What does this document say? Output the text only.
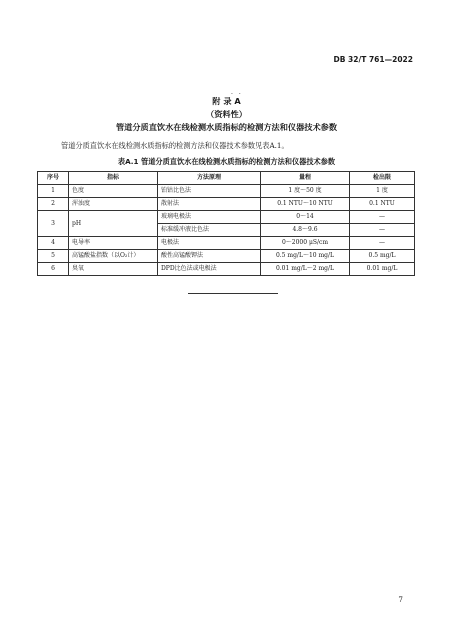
DB 32/T 761—2022
. .
附 录 A
（资料性）
管道分质直饮水在线检测水质指标的检测方法和仪器技术参数
管道分质直饮水在线检测水质指标的检测方法和仪器技术参数见表A.1。
表A.1 管道分质直饮水在线检测水质指标的检测方法和仪器技术参数
序号	指标	方法原理	量程	检出限
1	色度	铂钴比色法	1 度～50 度	1 度
2	浑浊度	散射法	0.1 NTU～10 NTU	0.1 NTU
3	pH	玻璃电极法	0～14	—
		标准缓冲液比色法	4.8～9.6	—
4	电导率	电极法	0～2000 μS/cm	—
5	高锰酸盐指数（以O₂计）	酸性高锰酸钾法	0.5 mg/L～10 mg/L	0.5 mg/L
6	臭氧	DPD比色法或电极法	0.01 mg/L～2 mg/L	0.01 mg/L
7
